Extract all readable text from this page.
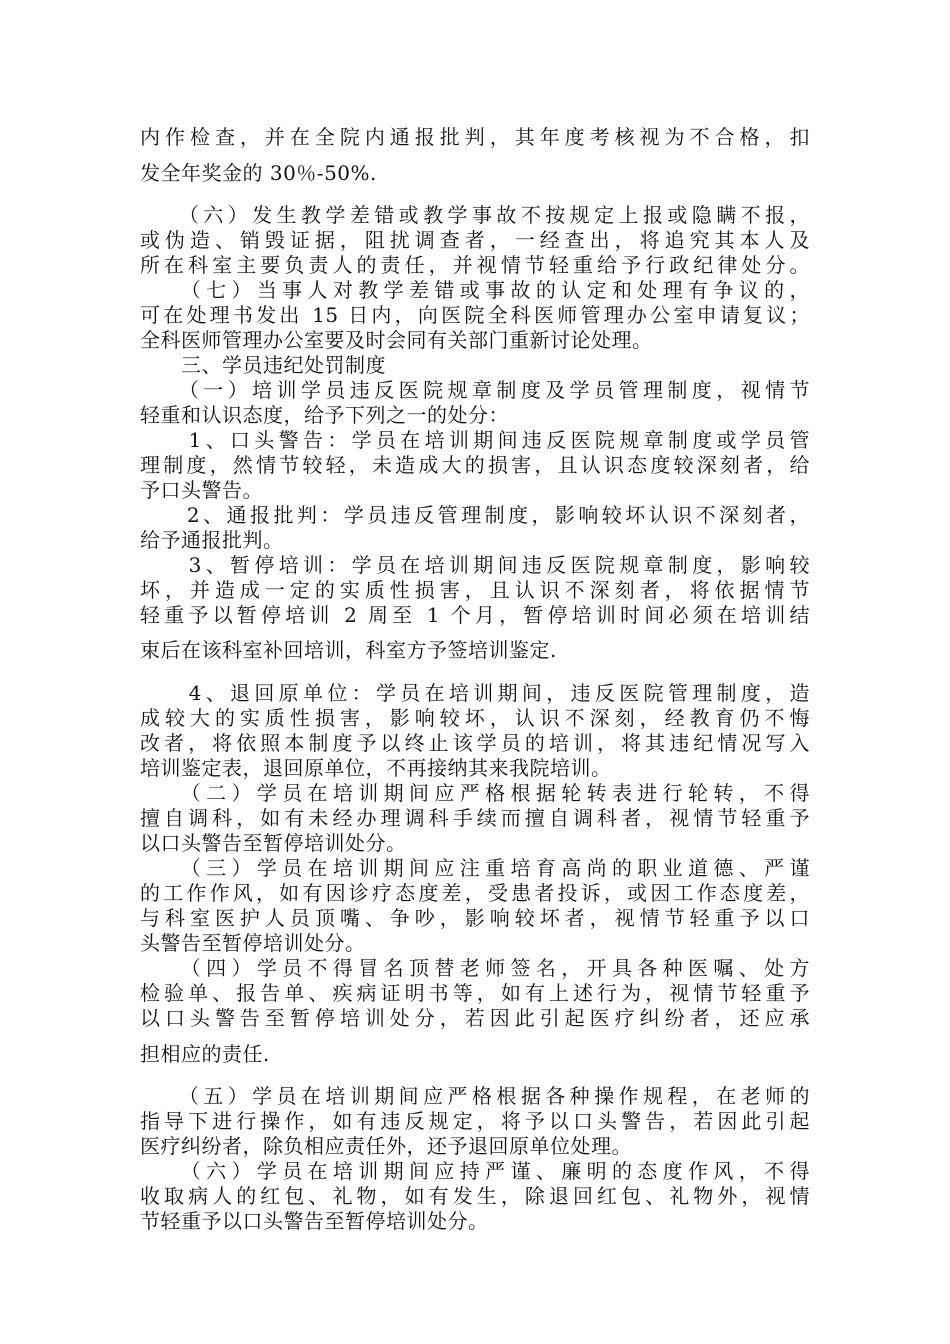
内作检查，并在全院内通报批判，其年度考核视为不合格，扣
发全年奖金的 30％-50%.
　　（六）发生教学差错或教学事故不按规定上报或隐瞒不报，
或伪造、销毁证据，阻扰调查者，一经查出，将追究其本人及
所在科室主要负责人的责任，并视情节轻重给予行政纪律处分。
　　（七）当事人对教学差错或事故的认定和处理有争议的，
可在处理书发出 15 日内，向医院全科医师管理办公室申请复议；
全科医师管理办公室要及时会同有关部门重新讨论处理。
　　三、学员违纪处罚制度
　　（一）培训学员违反医院规章制度及学员管理制度，视情节
轻重和认识态度，给予下列之一的处分：
　　1、口头警告：学员在培训期间违反医院规章制度或学员管
理制度，然情节较轻，未造成大的损害，且认识态度较深刻者，给
予口头警告。
　　2、通报批判：学员违反管理制度，影响较坏认识不深刻者，
给予通报批判。
　　3、暂停培训：学员在培训期间违反医院规章制度，影响较
坏，并造成一定的实质性损害，且认识不深刻者，将依据情节
轻重予以暂停培训 2 周至 1 个月，暂停培训时间必须在培训结
束后在该科室补回培训，科室方予签培训鉴定.
　　4、退回原单位：学员在培训期间，违反医院管理制度，造
成较大的实质性损害，影响较坏，认识不深刻，经教育仍不悔
改者，将依照本制度予以终止该学员的培训，将其违纪情况写入
培训鉴定表，退回原单位，不再接纳其来我院培训。
　　（二）学员在培训期间应严格根据轮转表进行轮转，不得
擅自调科，如有未经办理调科手续而擅自调科者，视情节轻重予
以口头警告至暂停培训处分。
　　（三）学员在培训期间应注重培育高尚的职业道德、严谨
的工作作风，如有因诊疗态度差，受患者投诉，或因工作态度差，
与科室医护人员顶嘴、争吵，影响较坏者，视情节轻重予以口
头警告至暂停培训处分。
　　（四）学员不得冒名顶替老师签名，开具各种医嘱、处方
检验单、报告单、疾病证明书等，如有上述行为，视情节轻重予
以口头警告至暂停培训处分，若因此引起医疗纠纷者，还应承
担相应的责任.
　　（五）学员在培训期间应严格根据各种操作规程，在老师的
指导下进行操作，如有违反规定，将予以口头警告，若因此引起
医疗纠纷者，除负相应责任外，还予退回原单位处理。
　　（六）学员在培训期间应持严谨、廉明的态度作风，不得
收取病人的红包、礼物，如有发生，除退回红包、礼物外，视情
节轻重予以口头警告至暂停培训处分。
